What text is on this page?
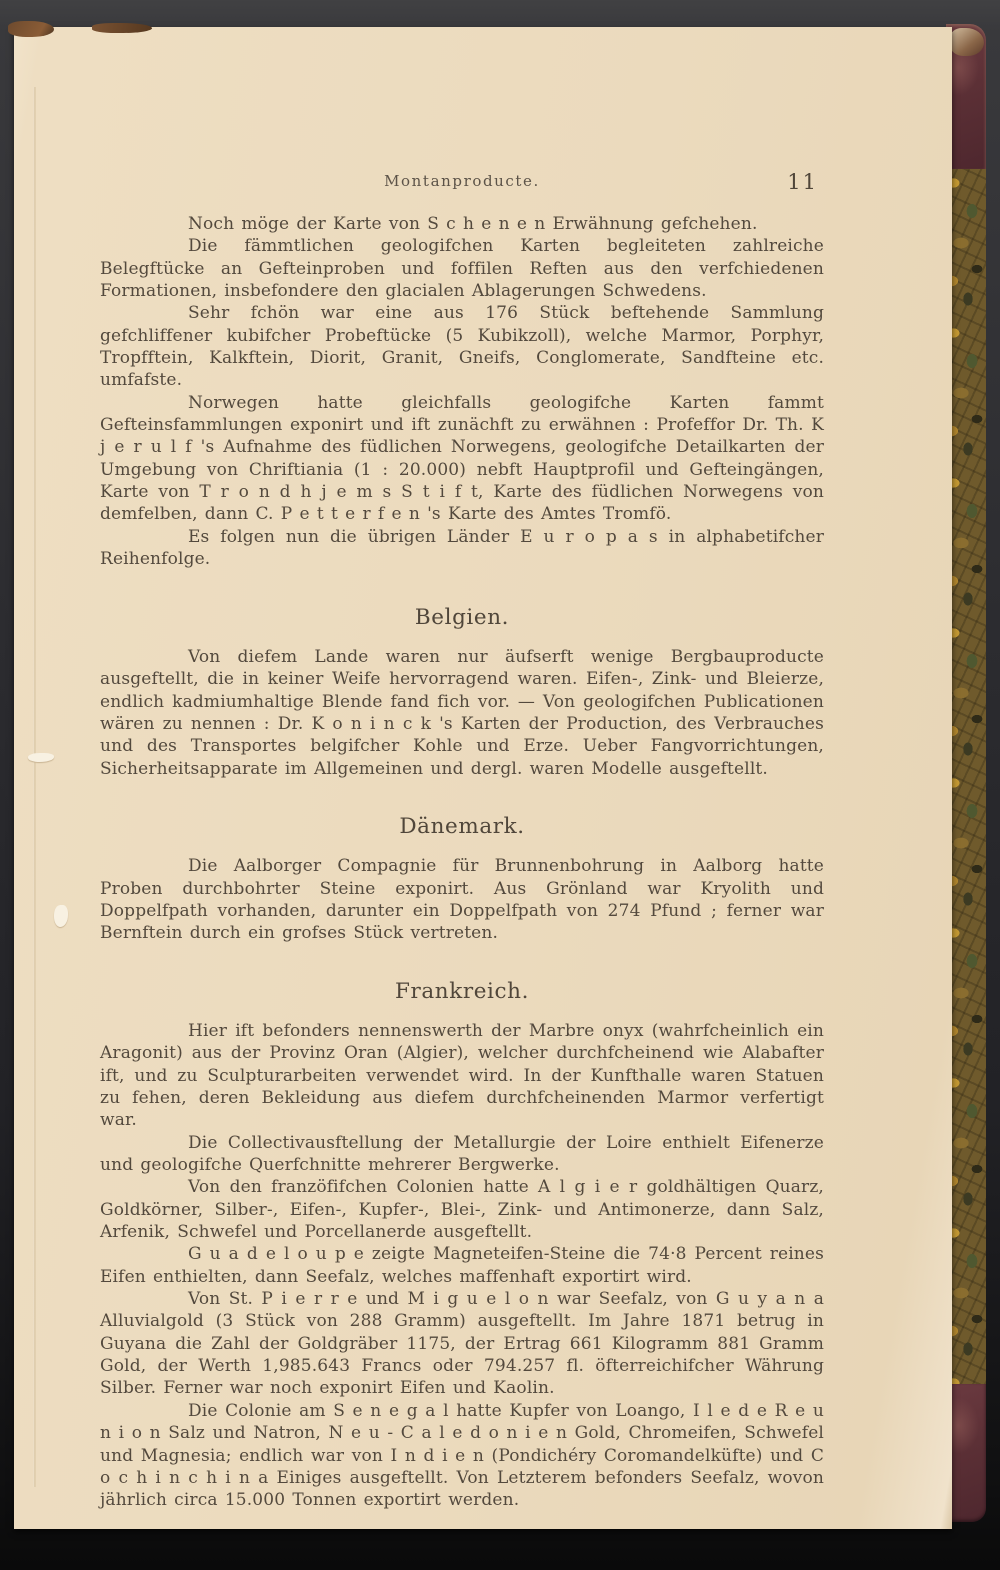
Montanproducte.	11

Noch möge der Karte von S c h e n e n Erwähnung gefchehen.

Die fämmtlichen geologifchen Karten begleiteten zahlreiche Belegftücke an Gefteinproben und foffilen Reften aus den verfchiedenen Formationen, insbefondere den glacialen Ablagerungen Schwedens.

Sehr fchön war eine aus 176 Stück beftehende Sammlung gefchliffener kubifcher Probeftücke (5 Kubikzoll), welche Marmor, Porphyr, Tropfftein, Kalkftein, Diorit, Granit, Gneifs, Conglomerate, Sandfteine etc. umfafste.

Norwegen hatte gleichfalls geologifche Karten fammt Gefteinsfammlungen exponirt und ift zunächft zu erwähnen : Profeffor Dr. Th. K j e r u l f 's Aufnahme des füdlichen Norwegens, geologifche Detailkarten der Umgebung von Chriftiania (1 : 20.000) nebft Hauptprofil und Gefteingängen, Karte von T r o n d h j e m s S t i f t, Karte des füdlichen Norwegens von demfelben, dann C. P e t t e r f e n 's Karte des Amtes Tromfö.

Es folgen nun die übrigen Länder E u r o p a s in alphabetifcher Reihenfolge.

Belgien.

Von diefem Lande waren nur äufserft wenige Bergbauproducte ausgeftellt, die in keiner Weife hervorragend waren. Eifen-, Zink- und Bleierze, endlich kadmiumhaltige Blende fand fich vor. — Von geologifchen Publicationen wären zu nennen : Dr. K o n i n c k 's Karten der Production, des Verbrauches und des Transportes belgifcher Kohle und Erze. Ueber Fangvorrichtungen, Sicherheitsapparate im Allgemeinen und dergl. waren Modelle ausgeftellt.

Dänemark.

Die Aalborger Compagnie für Brunnenbohrung in Aalborg hatte Proben durchbohrter Steine exponirt. Aus Grönland war Kryolith und Doppelfpath vorhanden, darunter ein Doppelfpath von 274 Pfund ; ferner war Bernftein durch ein grofses Stück vertreten.

Frankreich.

Hier ift befonders nennenswerth der Marbre onyx (wahrfcheinlich ein Aragonit) aus der Provinz Oran (Algier), welcher durchfcheinend wie Alabafter ift, und zu Sculpturarbeiten verwendet wird. In der Kunfthalle waren Statuen zu fehen, deren Bekleidung aus diefem durchfcheinenden Marmor verfertigt war.

Die Collectivausftellung der Metallurgie der Loire enthielt Eifenerze und geologifche Querfchnitte mehrerer Bergwerke.

Von den franzöfifchen Colonien hatte A l g i e r goldhältigen Quarz, Goldkörner, Silber-, Eifen-, Kupfer-, Blei-, Zink- und Antimonerze, dann Salz, Arfenik, Schwefel und Porcellanerde ausgeftellt.

G u a d e l o u p e zeigte Magneteifen-Steine die 74·8 Percent reines Eifen enthielten, dann Seefalz, welches maffenhaft exportirt wird.

Von St. P i e r r e und M i g u e l o n war Seefalz, von G u y a n a Alluvialgold (3 Stück von 288 Gramm) ausgeftellt. Im Jahre 1871 betrug in Guyana die Zahl der Goldgräber 1175, der Ertrag 661 Kilogramm 881 Gramm Gold, der Werth 1,985.643 Francs oder 794.257 fl. öfterreichifcher Währung Silber. Ferner war noch exponirt Eifen und Kaolin.

Die Colonie am S e n e g a l hatte Kupfer von Loango, I l e d e R e u n i o n Salz und Natron, N e u - C a l e d o n i e n Gold, Chromeifen, Schwefel und Magnesia; endlich war von I n d i e n (Pondichéry Coromandelküfte) und C o c h i n c h i n a Einiges ausgeftellt. Von Letzterem befonders Seefalz, wovon jährlich circa 15.000 Tonnen exportirt werden.
